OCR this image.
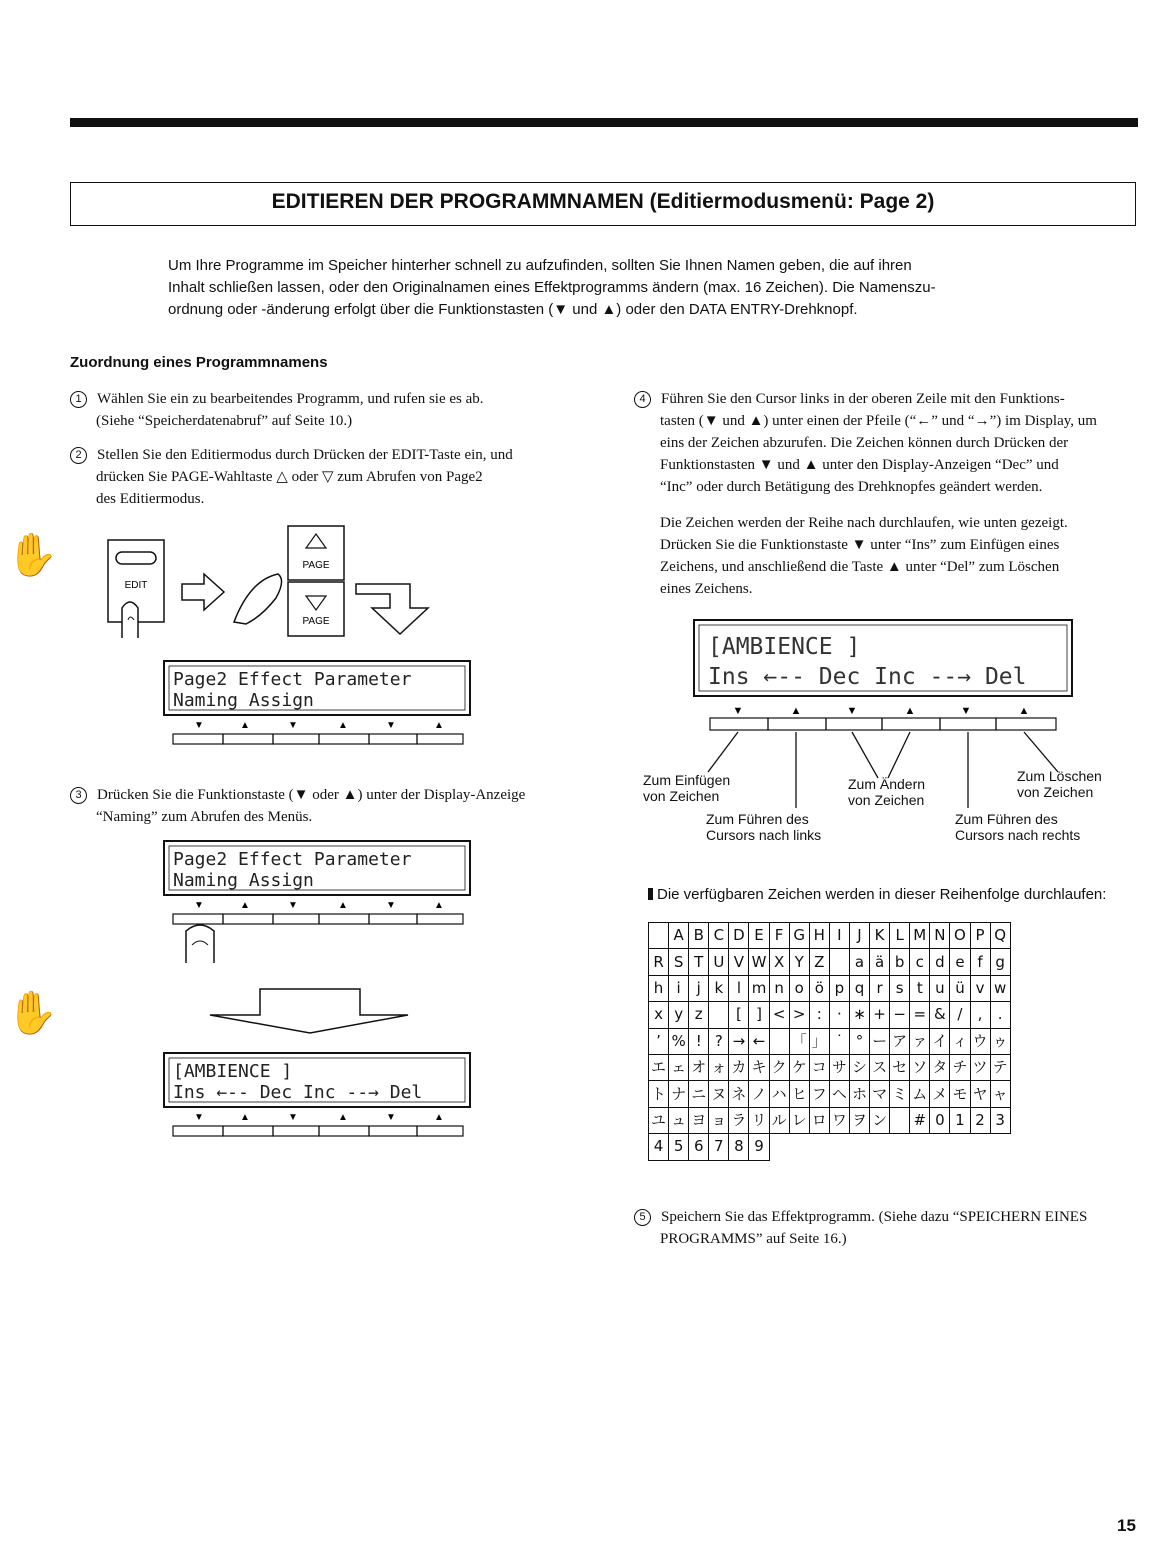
EDITIEREN DER PROGRAMMNAMEN (Editiermodusmenü: Page 2)
Um Ihre Programme im Speicher hinterher schnell zu aufzufinden, sollten Sie Ihnen Namen geben, die auf ihren
Inhalt schließen lassen, oder den Originalnamen eines Effektprogramms ändern (max. 16 Zeichen). Die Namenszu-
ordnung oder -änderung erfolgt über die Funktionstasten (▼ und ▲) oder den DATA ENTRY-Drehknopf.
Zuordnung eines Programmnamens
1 Wählen Sie ein zu bearbeitendes Programm, und rufen sie es ab.
(Siehe “Speicherdatenabruf” auf Seite 10.)
2 Stellen Sie den Editiermodus durch Drücken der EDIT-Taste ein, und
drücken Sie PAGE-Wahltaste △ oder ▽ zum Abrufen von Page2
des Editiermodus.
✋
✋
EDIT
PAGE
PAGE
Page2 Effect Parameter
Naming Assign
▼	▲	▼	▲	▼	▲
3 Drücken Sie die Funktionstaste (▼ oder ▲) unter der Display-Anzeige
“Naming” zum Abrufen des Menüs.
Page2 Effect Parameter
Naming Assign
▼	▲	▼	▲	▼	▲
[AMBIENCE ]
Ins ←-- Dec Inc --→ Del
▼	▲	▼	▲	▼	▲
4 Führen Sie den Cursor links in der oberen Zeile mit den Funktions-
tasten (▼ und ▲) unter einen der Pfeile (“←” und “→”) im Display, um
eins der Zeichen abzurufen. Die Zeichen können durch Drücken der
Funktionstasten ▼ und ▲ unter den Display-Anzeigen “Dec” und
“Inc” oder durch Betätigung des Drehknopfes geändert werden.
Die Zeichen werden der Reihe nach durchlaufen, wie unten gezeigt.
Drücken Sie die Funktionstaste ▼ unter “Ins” zum Einfügen eines
Zeichens, und anschließend die Taste ▲ unter “Del” zum Löschen
eines Zeichens.
[AMBIENCE ]
Ins ←-- Dec Inc --→ Del
▼	▲	▼	▲	▼	▲
Zum Einfügen
von Zeichen
Zum Ändern
von Zeichen
Zum Löschen
von Zeichen
Zum Führen des
Cursors nach links
Zum Führen des
Cursors nach rechts
Die verfügbaren Zeichen werden in dieser Reihenfolge durchlaufen:
	A	B	C	D	E	F	G	H	I	J	K	L	M	N	O	P	Q
R	S	T	U	V	W	X	Y	Z		a	ä	b	c	d	e	f	g
h	i	j	k	l	m	n	o	ö	p	q	r	s	t	u	ü	v	w
x	y	z		[	]	<	>	:	·	∗	+	−	=	&	/	,	.
’	%	!	?	→	←		「	」	˙	°	ー	ア	ァ	イ	ィ	ウ	ゥ
エ	ェ	オ	ォ	カ	キ	ク	ケ	コ	サ	シ	ス	セ	ソ	タ	チ	ツ	テ
ト	ナ	ニ	ヌ	ネ	ノ	ハ	ヒ	フ	ヘ	ホ	マ	ミ	ム	メ	モ	ヤ	ャ
ユ	ュ	ヨ	ョ	ラ	リ	ル	レ	ロ	ワ	ヲ	ン		#	0	1	2	3
4	5	6	7	8	9												
5 Speichern Sie das Effektprogramm. (Siehe dazu “SPEICHERN EINES
PROGRAMMS” auf Seite 16.)
15
